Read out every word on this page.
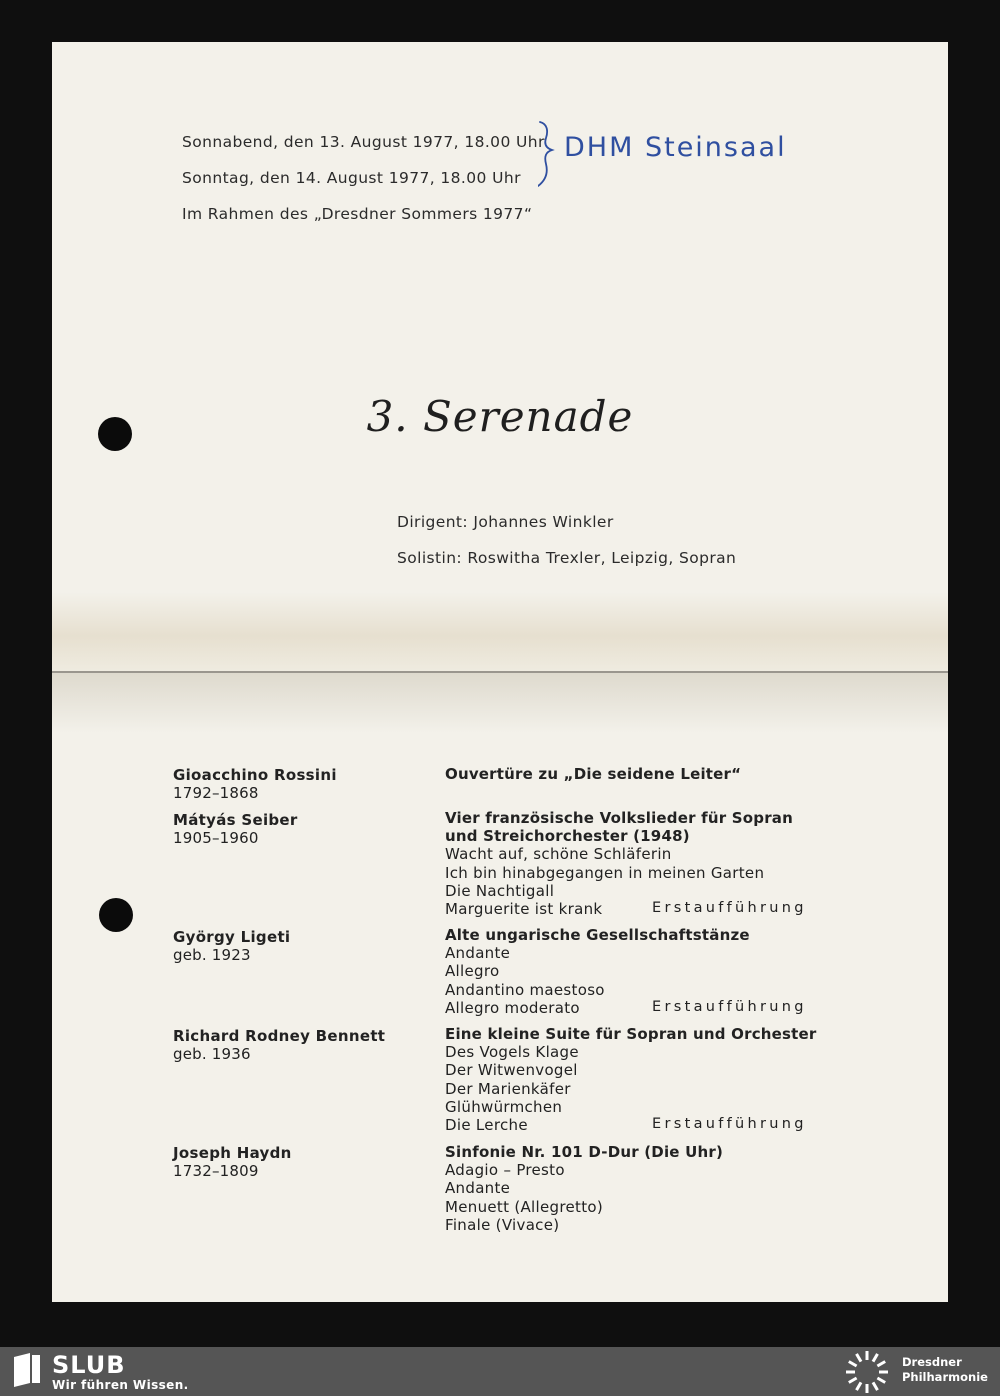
Sonnabend, den 13. August 1977, 18.00 Uhr
Sonntag, den 14. August 1977, 18.00 Uhr
Im Rahmen des „Dresdner Sommers 1977“
DHM Steinsaal
3. Serenade
Dirigent: Johannes Winkler
Solistin: Roswitha Trexler, Leipzig, Sopran
Gioacchino Rossini
1792–1868
Ouvertüre zu „Die seidene Leiter“
Mátyás Seiber
1905–1960
Vier französische Volkslieder für Sopran
und Streichorchester (1948)
Wacht auf, schöne Schläferin
Ich bin hinabgegangen in meinen Garten
Die Nachtigall
Marguerite ist krank	Erstaufführung
György Ligeti
geb. 1923
Alte ungarische Gesellschaftstänze
Andante
Allegro
Andantino maestoso
Allegro moderato	Erstaufführung
Richard Rodney Bennett
geb. 1936
Eine kleine Suite für Sopran und Orchester
Des Vogels Klage
Der Witwenvogel
Der Marienkäfer
Glühwürmchen
Die Lerche	Erstaufführung
Joseph Haydn
1732–1809
Sinfonie Nr. 101 D-Dur (Die Uhr)
Adagio – Presto
Andante
Menuett (Allegretto)
Finale (Vivace)
SLUB
Wir führen Wissen.
Dresdner
Philharmonie
